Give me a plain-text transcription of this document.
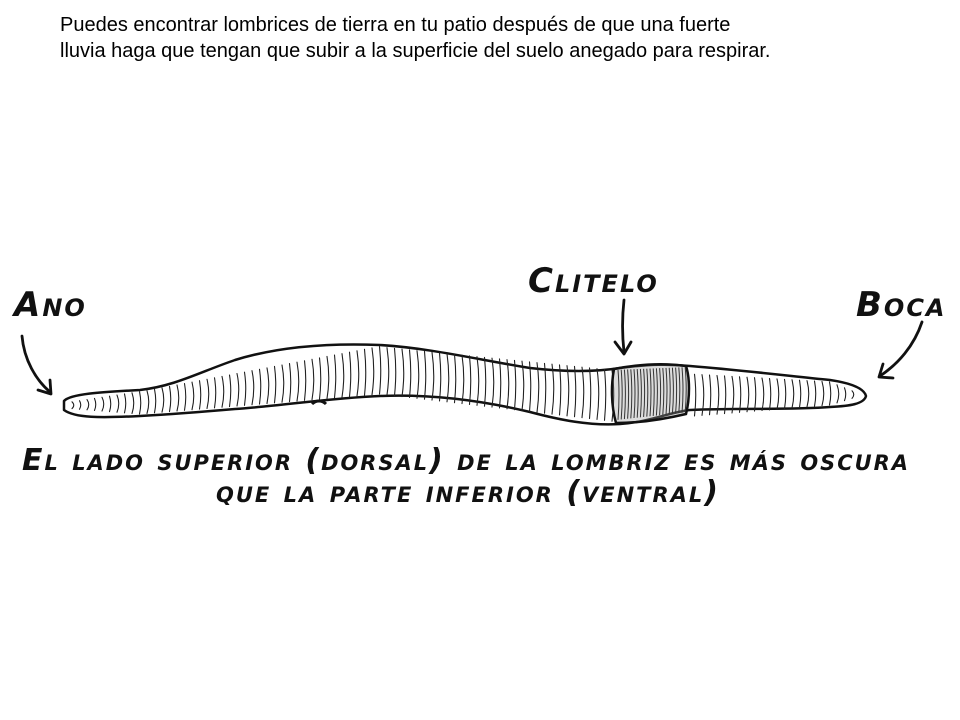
Puedes encontrar lombrices de tierra en tu patio después de que una fuerte
lluvia haga que tengan que subir a la superficie del suelo anegado para respirar.

Ano
Clitelo
Boca
El lado superior (dorsal) de la lombriz es más oscura
que la parte inferior (ventral)
